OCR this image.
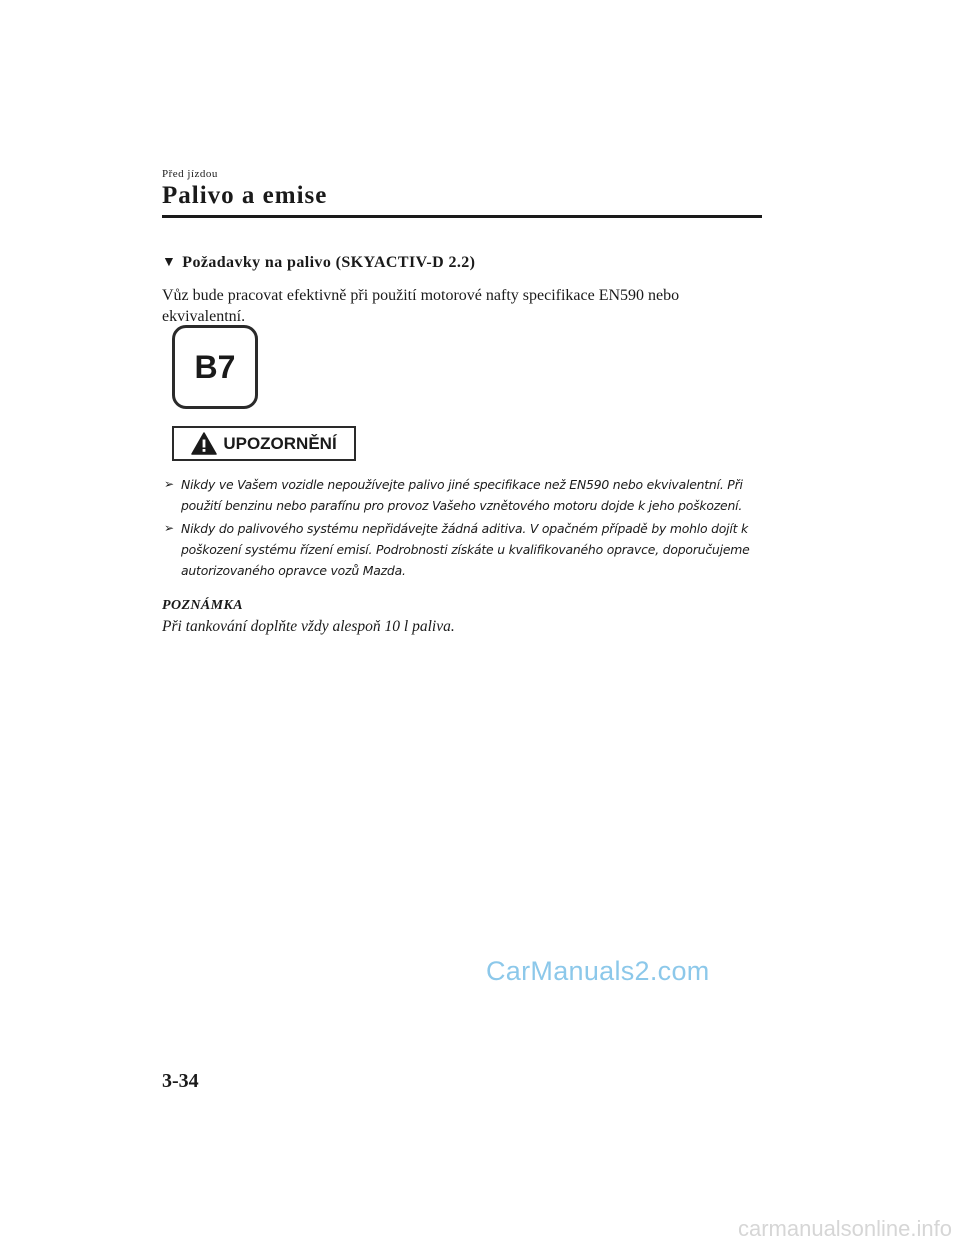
Před jízdou
Palivo a emise
▼ Požadavky na palivo (SKYACTIV-D 2.2)
Vůz bude pracovat efektivně při použití motorové nafty specifikace EN590 nebo ekvivalentní.
B7
UPOZORNĚNÍ
➢ Nikdy ve Vašem vozidle nepoužívejte palivo jiné specifikace než EN590 nebo ekvivalentní. Při použití benzinu nebo parafínu pro provoz Vašeho vznětového motoru dojde k jeho poškození.
➢ Nikdy do palivového systému nepřidávejte žádná aditiva. V opačném případě by mohlo dojít k poškození systému řízení emisí. Podrobnosti získáte u kvalifikovaného opravce, doporučujeme autorizovaného opravce vozů Mazda.
POZNÁMKA
Při tankování doplňte vždy alespoň 10 l paliva.
CarManuals2.com
3-34
carmanualsonline.info
